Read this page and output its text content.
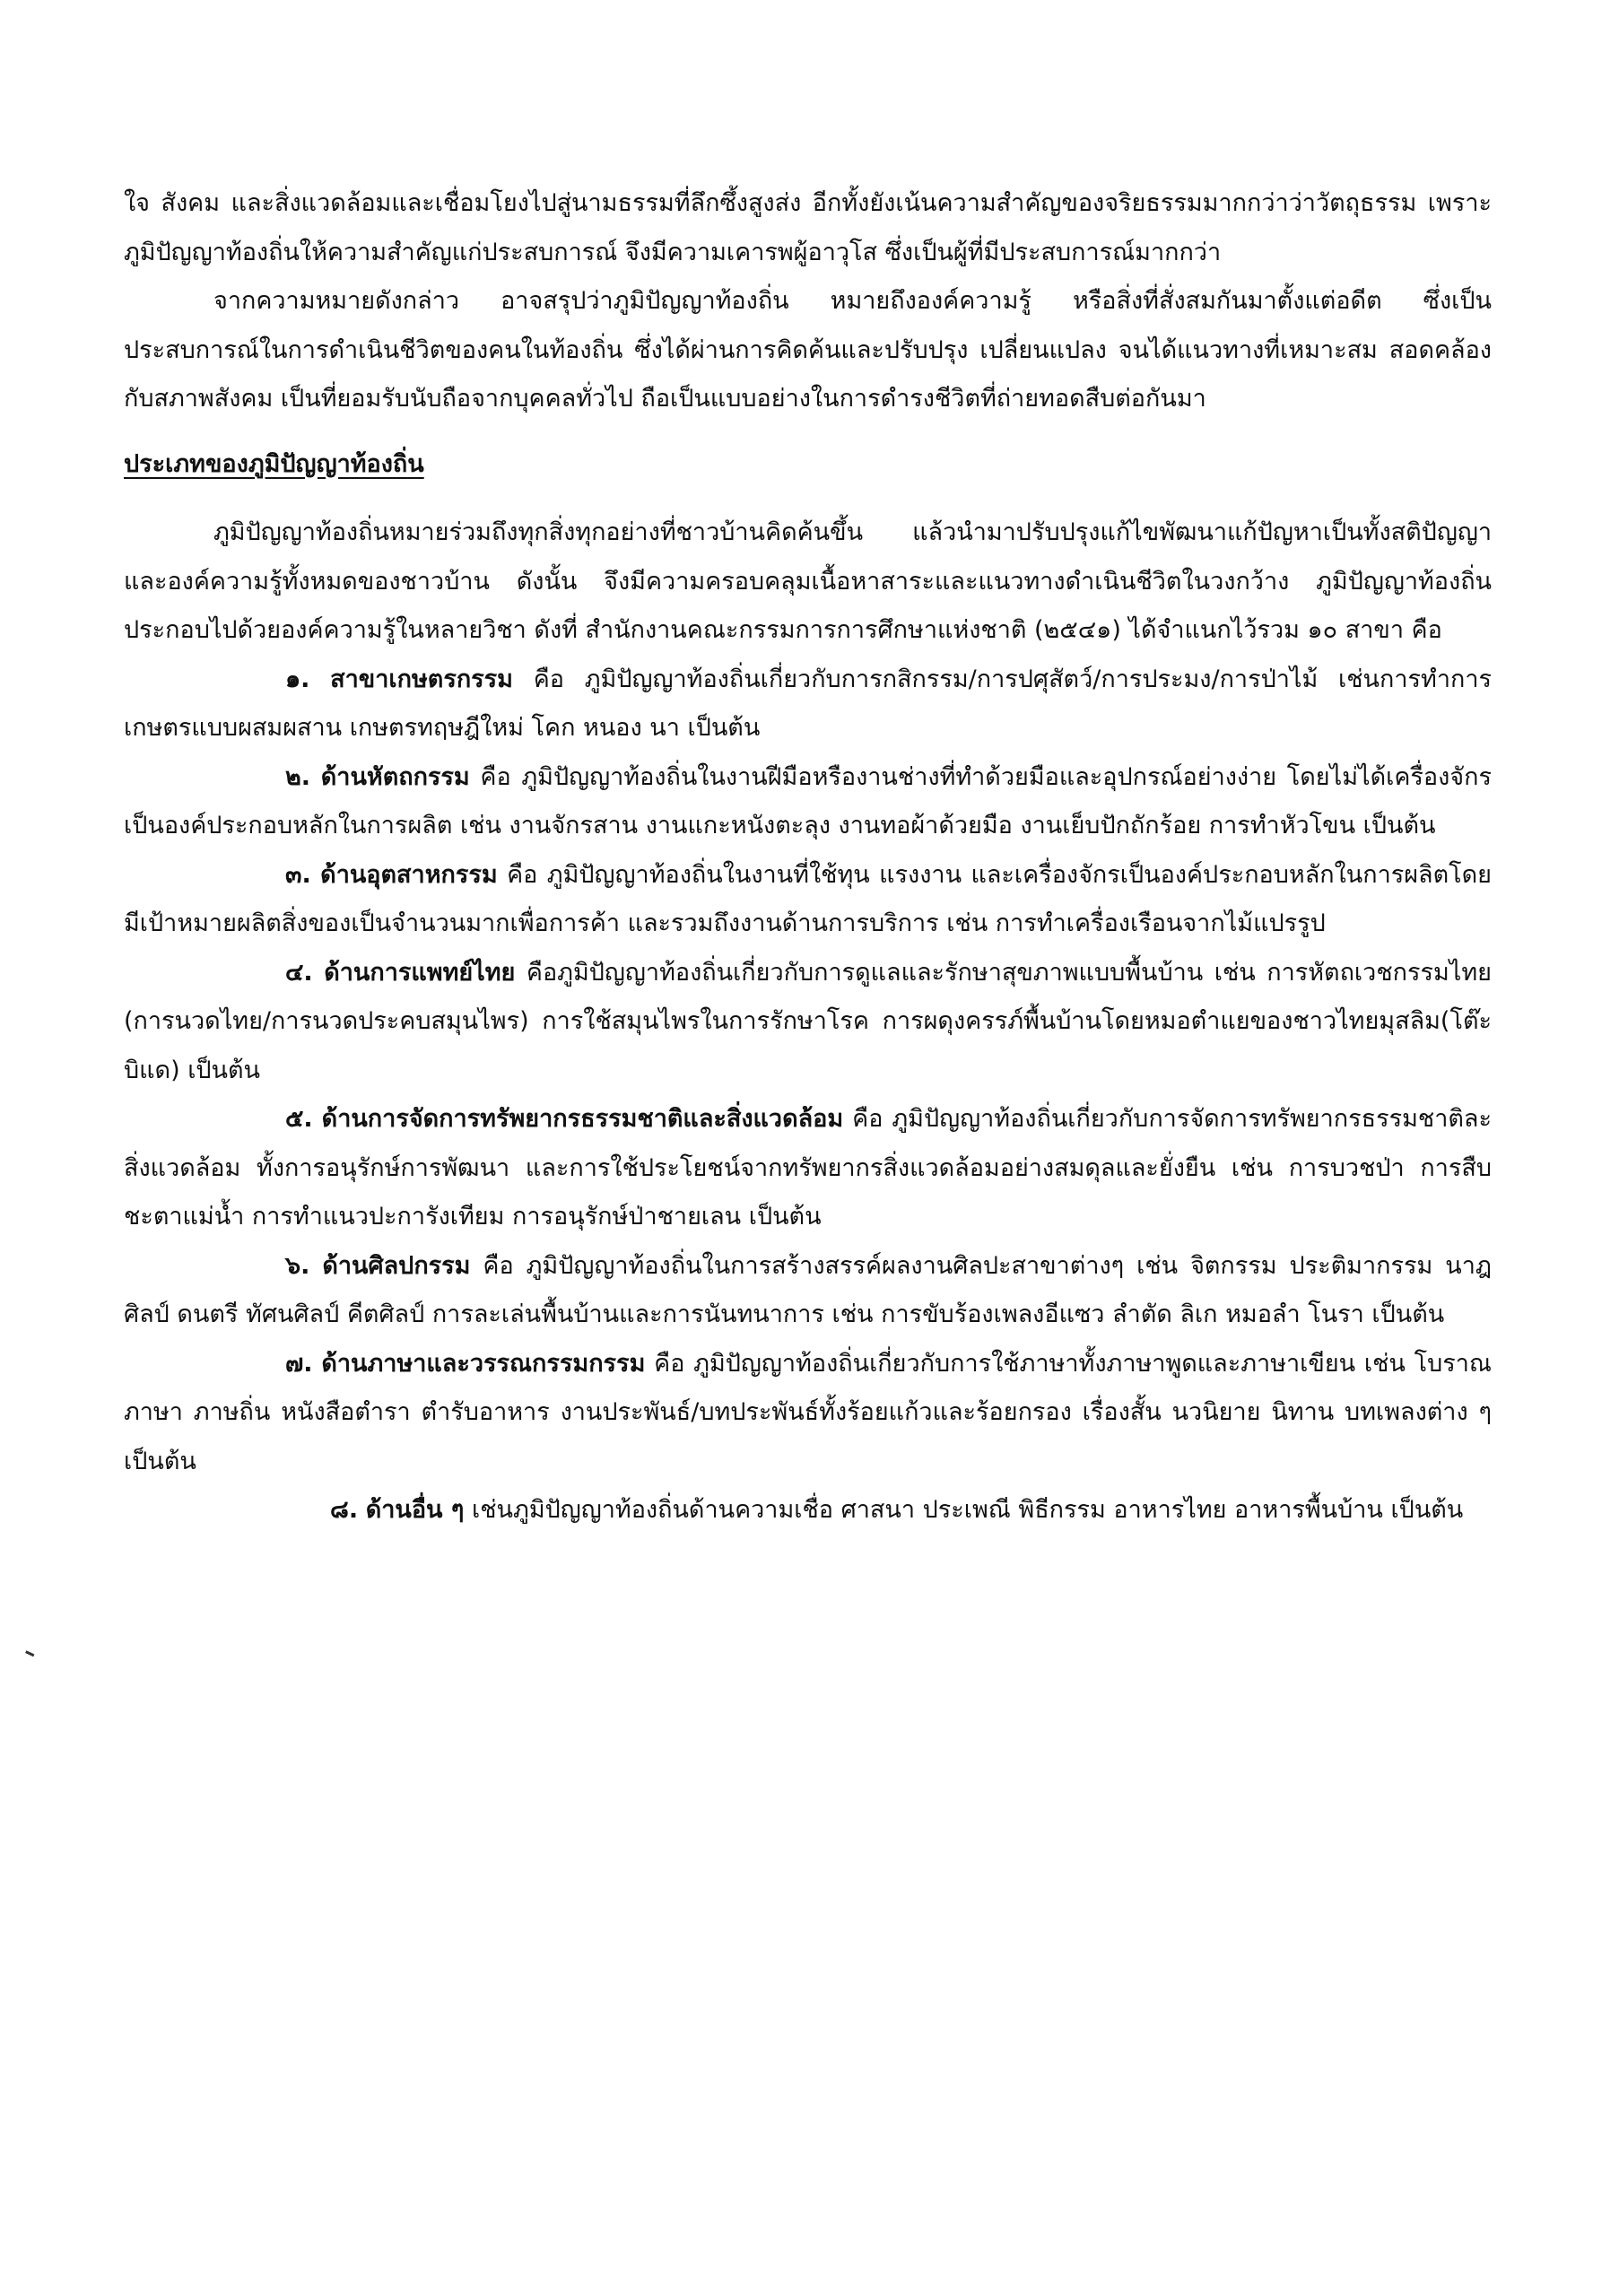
ใจ สังคม และสิ่งแวดล้อมและเชื่อมโยงไปสู่นามธรรมที่ลึกซึ้งสูงส่ง อีกทั้งยังเน้นความสำคัญของจริยธรรมมากกว่าว่าวัตถุธรรม เพราะภูมิปัญญาท้องถิ่นให้ความสำคัญแก่ประสบการณ์ จึงมีความเคารพผู้อาวุโส ซึ่งเป็นผู้ที่มีประสบการณ์มากกว่า

จากความหมายดังกล่าว อาจสรุปว่าภูมิปัญญาท้องถิ่น หมายถึงองค์ความรู้ หรือสิ่งที่สั่งสมกันมาตั้งแต่อดีต ซึ่งเป็นประสบการณ์ในการดำเนินชีวิตของคนในท้องถิ่น ซึ่งได้ผ่านการคิดค้นและปรับปรุง เปลี่ยนแปลง จนได้แนวทางที่เหมาะสม สอดคล้องกับสภาพสังคม เป็นที่ยอมรับนับถือจากบุคคลทั่วไป ถือเป็นแบบอย่างในการดำรงชีวิตที่ถ่ายทอดสืบต่อกันมา

ประเภทของภูมิปัญญาท้องถิ่น

ภูมิปัญญาท้องถิ่นหมายร่วมถึงทุกสิ่งทุกอย่างที่ชาวบ้านคิดค้นขึ้น แล้วนำมาปรับปรุงแก้ไขพัฒนาแก้ปัญหาเป็นทั้งสติปัญญาและองค์ความรู้ทั้งหมดของชาวบ้าน ดังนั้น จึงมีความครอบคลุมเนื้อหาสาระและแนวทางดำเนินชีวิตในวงกว้าง ภูมิปัญญาท้องถิ่นประกอบไปด้วยองค์ความรู้ในหลายวิชา ดังที่ สำนักงานคณะกรรมการการศึกษาแห่งชาติ (๒๕๔๑) ได้จำแนกไว้รวม ๑๐ สาขา คือ

๑. สาขาเกษตรกรรม คือ ภูมิปัญญาท้องถิ่นเกี่ยวกับการกสิกรรม/การปศุสัตว์/การประมง/การป่าไม้ เช่นการทำการเกษตรแบบผสมผสาน เกษตรทฤษฎีใหม่ โคก หนอง นา เป็นต้น

๒. ด้านหัตถกรรม คือ ภูมิปัญญาท้องถิ่นในงานฝีมือหรืองานช่างที่ทำด้วยมือและอุปกรณ์อย่างง่าย โดยไม่ได้เครื่องจักรเป็นองค์ประกอบหลักในการผลิต เช่น งานจักรสาน งานแกะหนังตะลุง งานทอผ้าด้วยมือ งานเย็บปักถักร้อย การทำหัวโขน เป็นต้น

๓. ด้านอุตสาหกรรม คือ ภูมิปัญญาท้องถิ่นในงานที่ใช้ทุน แรงงาน และเครื่องจักรเป็นองค์ประกอบหลักในการผลิตโดยมีเป้าหมายผลิตสิ่งของเป็นจำนวนมากเพื่อการค้า และรวมถึงงานด้านการบริการ เช่น การทำเครื่องเรือนจากไม้แปรรูป

๔. ด้านการแพทย์ไทย คือภูมิปัญญาท้องถิ่นเกี่ยวกับการดูแลและรักษาสุขภาพแบบพื้นบ้าน เช่น การหัตถเวชกรรมไทย (การนวดไทย/การนวดประคบสมุนไพร) การใช้สมุนไพรในการรักษาโรค การผดุงครรภ์พื้นบ้านโดยหมอตำแยของชาวไทยมุสลิม(โต๊ะบิแด) เป็นต้น

๕. ด้านการจัดการทรัพยากรธรรมชาติและสิ่งแวดล้อม คือ ภูมิปัญญาท้องถิ่นเกี่ยวกับการจัดการทรัพยากรธรรมชาติละสิ่งแวดล้อม ทั้งการอนุรักษ์การพัฒนา และการใช้ประโยชน์จากทรัพยากรสิ่งแวดล้อมอย่างสมดุลและยั่งยืน เช่น การบวชป่า การสืบชะตาแม่น้ำ การทำแนวปะการังเทียม การอนุรักษ์ป่าชายเลน เป็นต้น

๖. ด้านศิลปกรรม คือ ภูมิปัญญาท้องถิ่นในการสร้างสรรค์ผลงานศิลปะสาขาต่างๆ เช่น จิตกรรม ประติมากรรม นาฎศิลป์ ดนตรี ทัศนศิลป์ คีตศิลป์ การละเล่นพื้นบ้านและการนันทนาการ เช่น การขับร้องเพลงอีแซว ลำตัด ลิเก หมอลำ โนรา เป็นต้น

๗. ด้านภาษาและวรรณกรรมกรรม คือ ภูมิปัญญาท้องถิ่นเกี่ยวกับการใช้ภาษาทั้งภาษาพูดและภาษาเขียน เช่น โบราณภาษา ภาษถิ่น หนังสือตำรา ตำรับอาหาร งานประพันธ์/บทประพันธ์ทั้งร้อยแก้วและร้อยกรอง เรื่องสั้น นวนิยาย นิทาน บทเพลงต่าง ๆ เป็นต้น

๘. ด้านอื่น ๆ เช่นภูมิปัญญาท้องถิ่นด้านความเชื่อ ศาสนา ประเพณี พิธีกรรม อาหารไทย อาหารพื้นบ้าน เป็นต้น
